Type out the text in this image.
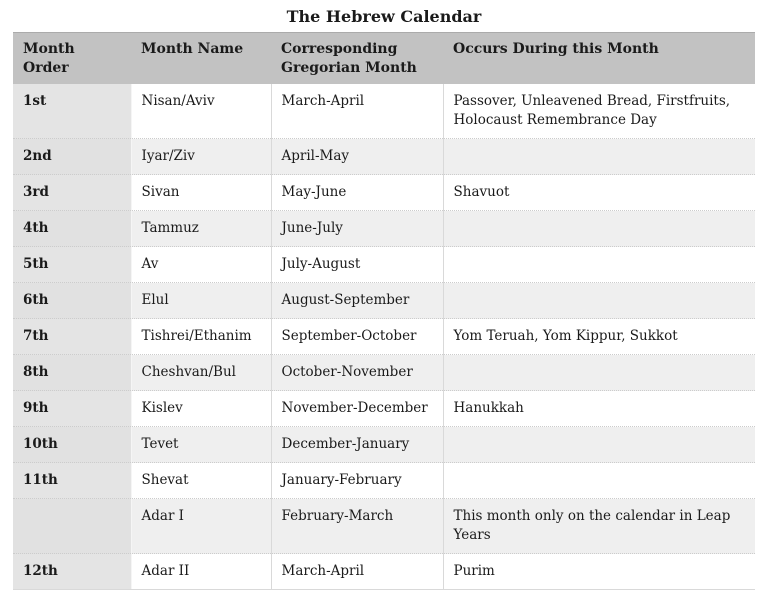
The Hebrew Calendar
Month Order	Month Name	Corresponding Gregorian Month	Occurs During this Month
1st	Nisan/Aviv	March-April	Passover, Unleavened Bread, Firstfruits, Holocaust Remembrance Day
2nd	Iyar/Ziv	April-May	
3rd	Sivan	May-June	Shavuot
4th	Tammuz	June-July	
5th	Av	July-August	
6th	Elul	August-September	
7th	Tishrei/Ethanim	September-October	Yom Teruah, Yom Kippur, Sukkot
8th	Cheshvan/Bul	October-November	
9th	Kislev	November-December	Hanukkah
10th	Tevet	December-January	
11th	Shevat	January-February	
	Adar I	February-March	This month only on the calendar in Leap Years
12th	Adar II	March-April	Purim
